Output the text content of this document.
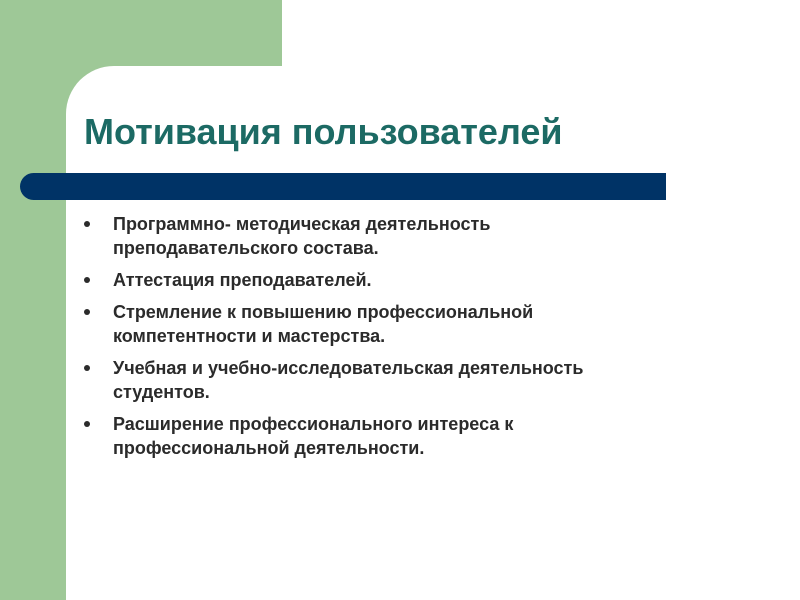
Мотивация пользователей
Программно- методическая деятельность
преподавательского состава.
Аттестация преподавателей.
Стремление к повышению профессиональной
компетентности и мастерства.
Учебная и учебно-исследовательская деятельность
студентов.
Расширение профессионального интереса к
профессиональной деятельности.
